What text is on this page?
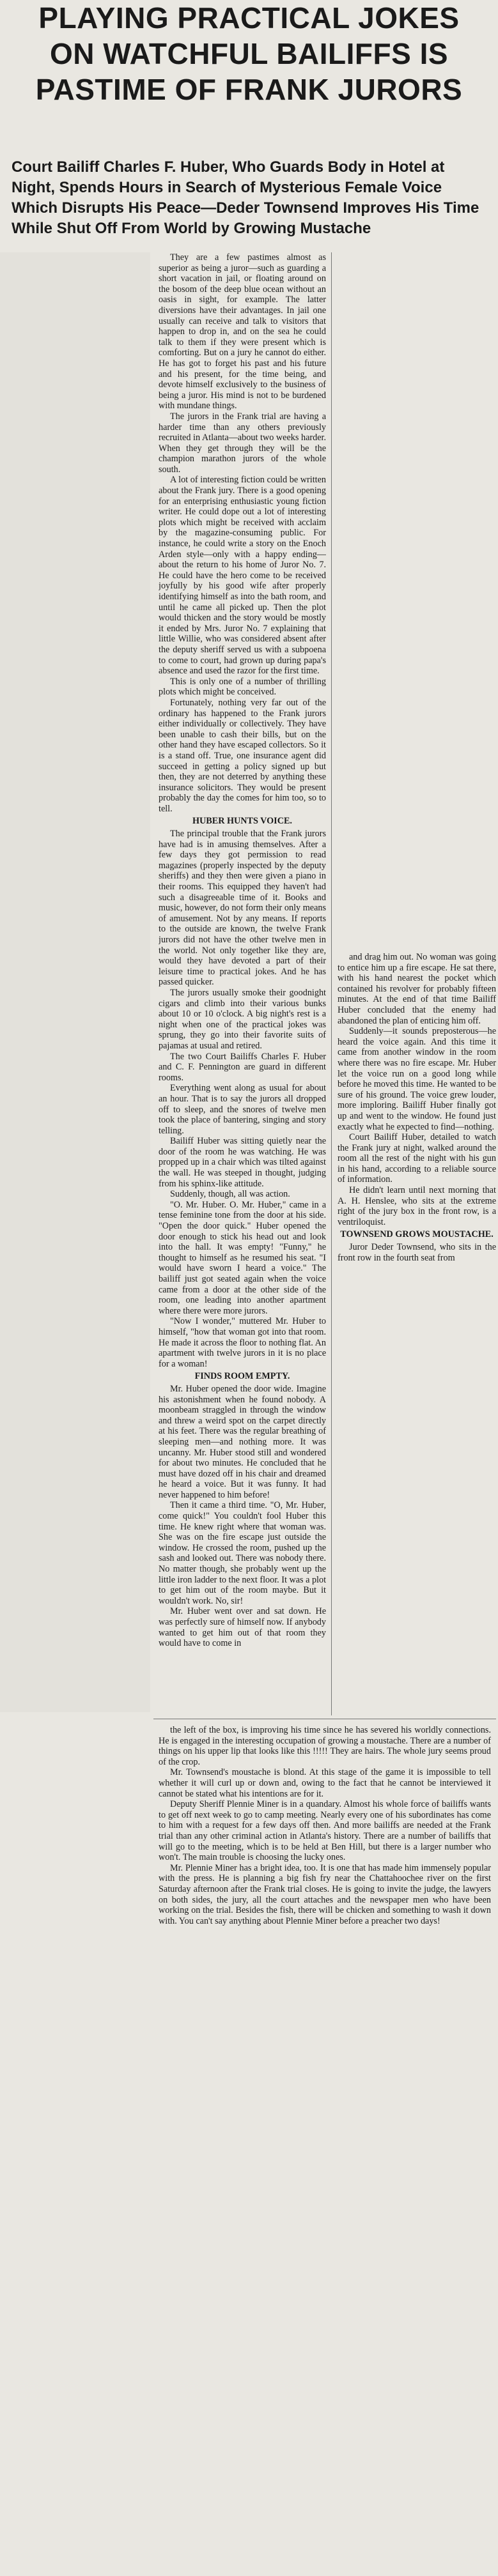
PLAYING PRACTICAL JOKES
ON WATCHFUL BAILIFFS IS
PASTIME OF FRANK JURORS

Court Bailiff Charles F. Huber, Who Guards Body in Hotel at Night, Spends Hours in Search of Mysterious Female Voice Which Disrupts His Peace—Deder Townsend Improves His Time While Shut Off From World by Growing Mustache

They are a few pastimes almost as superior as being a juror—such as guarding a short vacation in jail, or floating around on the bosom of the deep blue ocean without an oasis in sight, for example. The latter diversions have their advantages. In jail one usually can receive and talk to visitors that happen to drop in, and on the sea he could talk to them if they were present which is comforting. But on a jury he cannot do either. He has got to forget his past and his future and his present, for the time being, and devote himself exclusively to the business of being a juror. His mind is not to be burdened with mundane things.

The jurors in the Frank trial are having a harder time than any others previously recruited in Atlanta—about two weeks harder. When they get through they will be the champion marathon jurors of the whole south.

A lot of interesting fiction could be written about the Frank jury. There is a good opening for an enterprising enthusiastic young fiction writer. He could dope out a lot of interesting plots which might be received with acclaim by the magazine-consuming public. For instance, he could write a story on the Enoch Arden style—only with a happy ending—about the return to his home of Juror No. 7. He could have the hero come to be received joyfully by his good wife after properly identifying himself as into the bath room, and until he came all picked up. Then the plot would thicken and the story would be mostly it ended by Mrs. Juror No. 7 explaining that little Willie, who was considered absent after the deputy sheriff served us with a subpoena to come to court, had grown up during papa's absence and used the razor for the first time.

This is only one of a number of thrilling plots which might be conceived.

Fortunately, nothing very far out of the ordinary has happened to the Frank jurors either individually or collectively. They have been unable to cash their bills, but on the other hand they have escaped collectors. So it is a stand off. True, one insurance agent did succeed in getting a policy signed up but then, they are not deterred by anything these insurance solicitors. They would be present probably the day the comes for him too, so to tell.

HUBER HUNTS VOICE.

The principal trouble that the Frank jurors have had is in amusing themselves. After a few days they got permission to read magazines (properly inspected by the deputy sheriffs) and they then were given a piano in their rooms. This equipped they haven't had such a disagreeable time of it. Books and music, however, do not form their only means of amusement. Not by any means. If reports to the outside are known, the twelve Frank jurors did not have the other twelve men in the world. Not only together like they are, would they have devoted a part of their leisure time to practical jokes. And he has passed quicker.

The jurors usually smoke their goodnight cigars and climb into their various bunks about 10 or 10 o'clock. A big night's rest is a night when one of the practical jokes was sprung, they go into their favorite suits of pajamas at usual and retired.

The two Court Bailiffs Charles F. Huber and C. F. Pennington are guard in different rooms.

Everything went along as usual for about an hour. That is to say the jurors all dropped off to sleep, and the snores of twelve men took the place of bantering, singing and story telling.

Bailiff Huber was sitting quietly near the door of the room he was watching. He was propped up in a chair which was tilted against the wall. He was steeped in thought, judging from his sphinx-like attitude.

Suddenly, though, all was action.

"O. Mr. Huber. O. Mr. Huber," came in a tense feminine tone from the door at his side. "Open the door quick." Huber opened the door enough to stick his head out and look into the hall. It was empty! "Funny," he thought to himself as he resumed his seat. "I would have sworn I heard a voice." The bailiff just got seated again when the voice came from a door at the other side of the room, one leading into another apartment where there were more jurors.

"Now I wonder," muttered Mr. Huber to himself, "how that woman got into that room. He made it across the floor to nothing flat. An apartment with twelve jurors in it is no place for a woman!

FINDS ROOM EMPTY.

Mr. Huber opened the door wide. Imagine his astonishment when he found nobody. A moonbeam straggled in through the window and threw a weird spot on the carpet directly at his feet. There was the regular breathing of sleeping men—and nothing more. It was uncanny. Mr. Huber stood still and wondered for about two minutes. He concluded that he must have dozed off in his chair and dreamed he heard a voice. But it was funny. It had never happened to him before!

Then it came a third time. "O, Mr. Huber, come quick!" You couldn't fool Huber this time. He knew right where that woman was. She was on the fire escape just outside the window. He crossed the room, pushed up the sash and looked out. There was nobody there. No matter though, she probably went up the little iron ladder to the next floor. It was a plot to get him out of the room maybe. But it wouldn't work. No, sir!

Mr. Huber went over and sat down. He was perfectly sure of himself now. If anybody wanted to get him out of that room they would have to come in

and drag him out. No woman was going to entice him up a fire escape. He sat there, with his hand nearest the pocket which contained his revolver for probably fifteen minutes. At the end of that time Bailiff Huber concluded that the enemy had abandoned the plan of enticing him off.

Suddenly—it sounds preposterous—he heard the voice again. And this time it came from another window in the room where there was no fire escape. Mr. Huber let the voice run on a good long while before he moved this time. He wanted to be sure of his ground. The voice grew louder, more imploring. Bailiff Huber finally got up and went to the window. He found just exactly what he expected to find—nothing.

Court Bailiff Huber, detailed to watch the Frank jury at night, walked around the room all the rest of the night with his gun in his hand, according to a reliable source of information.

He didn't learn until next morning that A. H. Henslee, who sits at the extreme right of the jury box in the front row, is a ventriloquist.

TOWNSEND GROWS MOUSTACHE.

Juror Deder Townsend, who sits in the front row in the fourth seat from

the left of the box, is improving his time since he has severed his worldly connections. He is engaged in the interesting occupation of growing a moustache. There are a number of things on his upper lip that looks like this !!!!! They are hairs. The whole jury seems proud of the crop.

Mr. Townsend's moustache is blond. At this stage of the game it is impossible to tell whether it will curl up or down and, owing to the fact that he cannot be interviewed it cannot be stated what his intentions are for it.

Deputy Sheriff Plennie Miner is in a quandary. Almost his whole force of bailiffs wants to get off next week to go to camp meeting. Nearly every one of his subordinates has come to him with a request for a few days off then. And more bailiffs are needed at the Frank trial than any other criminal action in Atlanta's history. There are a number of bailiffs that will go to the meeting, which is to be held at Ben Hill, but there is a larger number who won't. The main trouble is choosing the lucky ones.

Mr. Plennie Miner has a bright idea, too. It is one that has made him immensely popular with the press. He is planning a big fish fry near the Chattahoochee river on the first Saturday afternoon after the Frank trial closes. He is going to invite the judge, the lawyers on both sides, the jury, all the court attaches and the newspaper men who have been working on the trial. Besides the fish, there will be chicken and something to wash it down with. You can't say anything about Plennie Miner before a preacher two days!
